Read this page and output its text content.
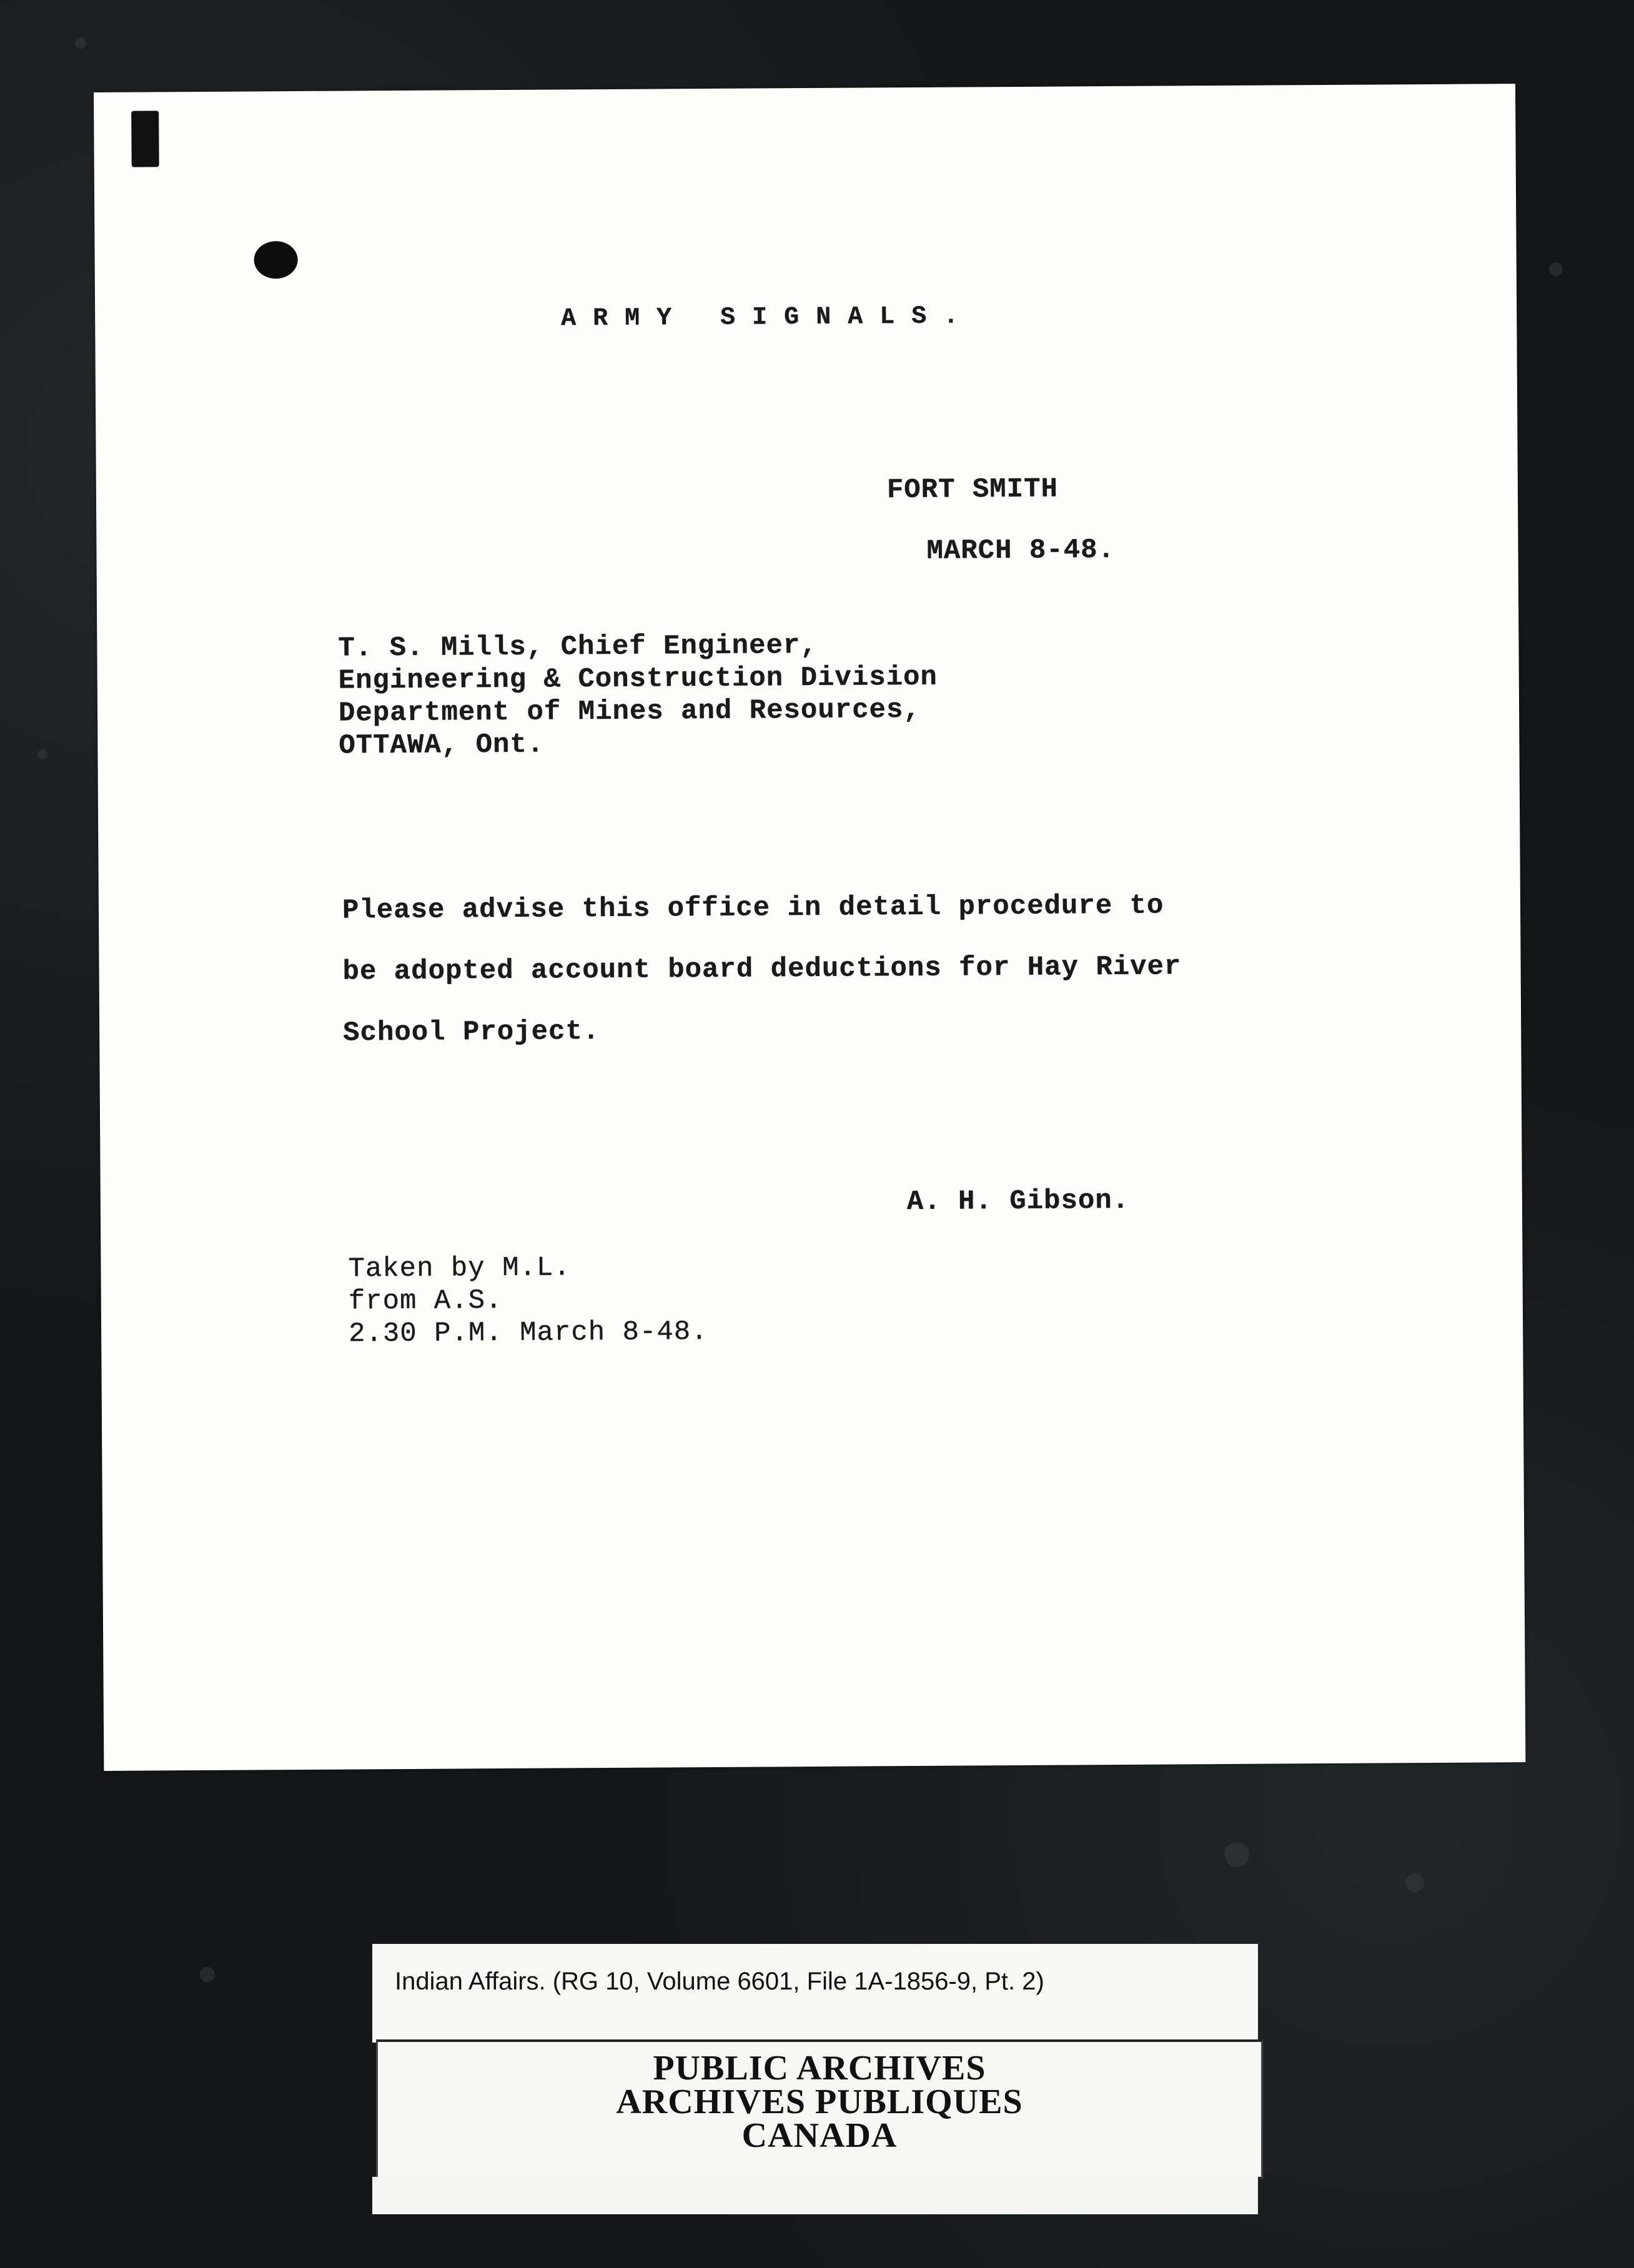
ARMY SIGNALS.
FORT SMITH
MARCH 8-48.
T. S. Mills, Chief Engineer,
Engineering & Construction Division
Department of Mines and Resources,
OTTAWA, Ont.
Please advise this office in detail procedure to
be adopted account board deductions for Hay River
School Project.
A. H. Gibson.
Taken by M.L.
from A.S.
2.30 P.M. March 8-48.
Indian Affairs. (RG 10, Volume 6601, File 1A-1856-9, Pt. 2)
PUBLIC ARCHIVES
ARCHIVES PUBLIQUES
CANADA
